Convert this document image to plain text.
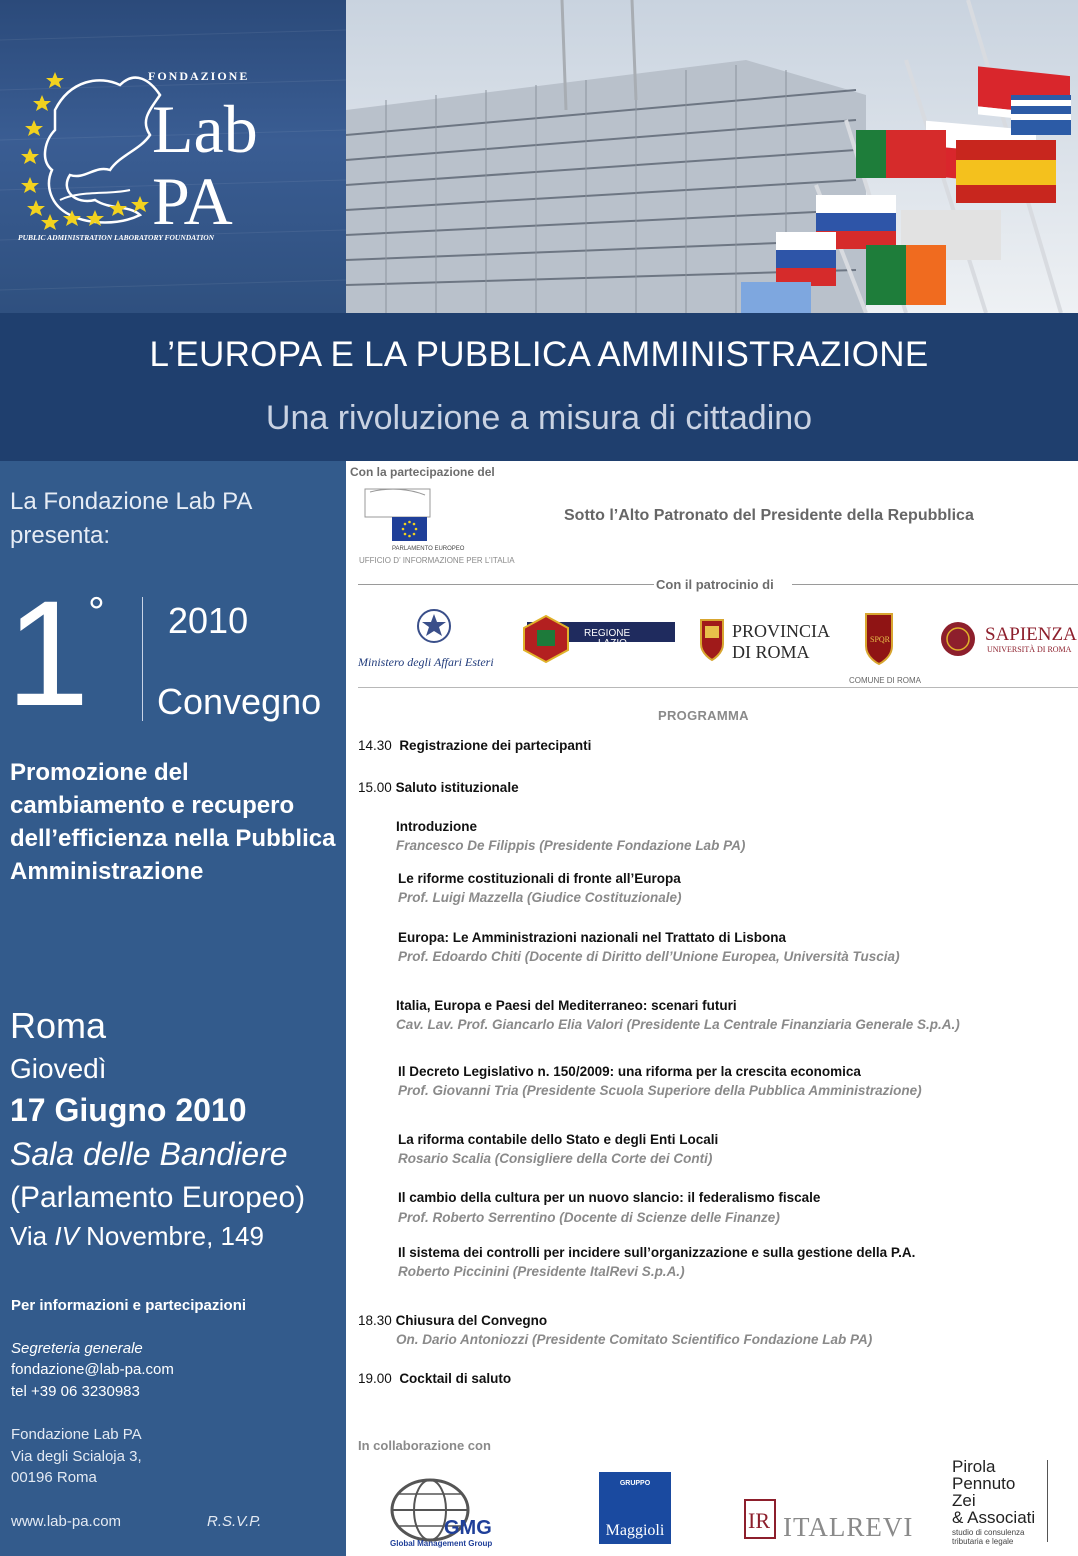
FONDAZIONE
Lab
PA
PUBLIC ADMINISTRATION LABORATORY FOUNDATION
L’EUROPA E LA PUBBLICA AMMINISTRAZIONE
Una rivoluzione a misura di cittadino
La Fondazione Lab PA presenta:
1
° 2010
Convegno
Promozione del cambiamento e recupero dell’efficienza nella Pubblica Amministrazione
Roma
Giovedì
17 Giugno 2010
Sala delle Bandiere
(Parlamento Europeo)
Via IV Novembre, 149
Per informazioni e partecipazioni
Segreteria generale
fondazione@lab-pa.com
tel +39 06 3230983
Fondazione Lab PA
Via degli Scialoja 3,
00196 Roma
www.lab-pa.com	R.S.V.P.
Con la partecipazione del
PARLAMENTO EUROPEO
UFFICIO D’ INFORMAZIONE PER L’ITALIA
Sotto l’Alto Patronato del Presidente della Repubblica
Con il patrocinio di
Ministero degli Affari Esteri
REGIONE
LAZIO
PROVINCIA
DI ROMA
SPQR	SAPIENZA
UNIVERSITÀ DI ROMA
COMUNE DI ROMA
PROGRAMMA
14.30 Registrazione dei partecipanti
15.00 Saluto istituzionale
Introduzione
Francesco De Filippis (Presidente Fondazione Lab PA)
Le riforme costituzionali di fronte all’Europa
Prof. Luigi Mazzella (Giudice Costituzionale)
Europa: Le Amministrazioni nazionali nel Trattato di Lisbona
Prof. Edoardo Chiti (Docente di Diritto dell’Unione Europea, Università Tuscia)
Italia, Europa e Paesi del Mediterraneo: scenari futuri
Cav. Lav. Prof. Giancarlo Elia Valori (Presidente La Centrale Finanziaria Generale S.p.A.)
Il Decreto Legislativo n. 150/2009: una riforma per la crescita economica
Prof. Giovanni Tria (Presidente Scuola Superiore della Pubblica Amministrazione)
La riforma contabile dello Stato e degli Enti Locali
Rosario Scalia (Consigliere della Corte dei Conti)
Il cambio della cultura per un nuovo slancio: il federalismo fiscale
Prof. Roberto Serrentino (Docente di Scienze delle Finanze)
Il sistema dei controlli per incidere sull’organizzazione e sulla gestione della P.A.
Roberto Piccinini (Presidente ItalRevi S.p.A.)
18.30 Chiusura del Convegno
On. Dario Antoniozzi (Presidente Comitato Scientifico Fondazione Lab PA)
19.00 Cocktail di saluto
In collaborazione con
GMG
Global Management Group
GRUPPO
Maggioli	IR ITALREVI
Pirola
Pennuto
Zei
& Associati
studio di consulenza
tributaria e legale
